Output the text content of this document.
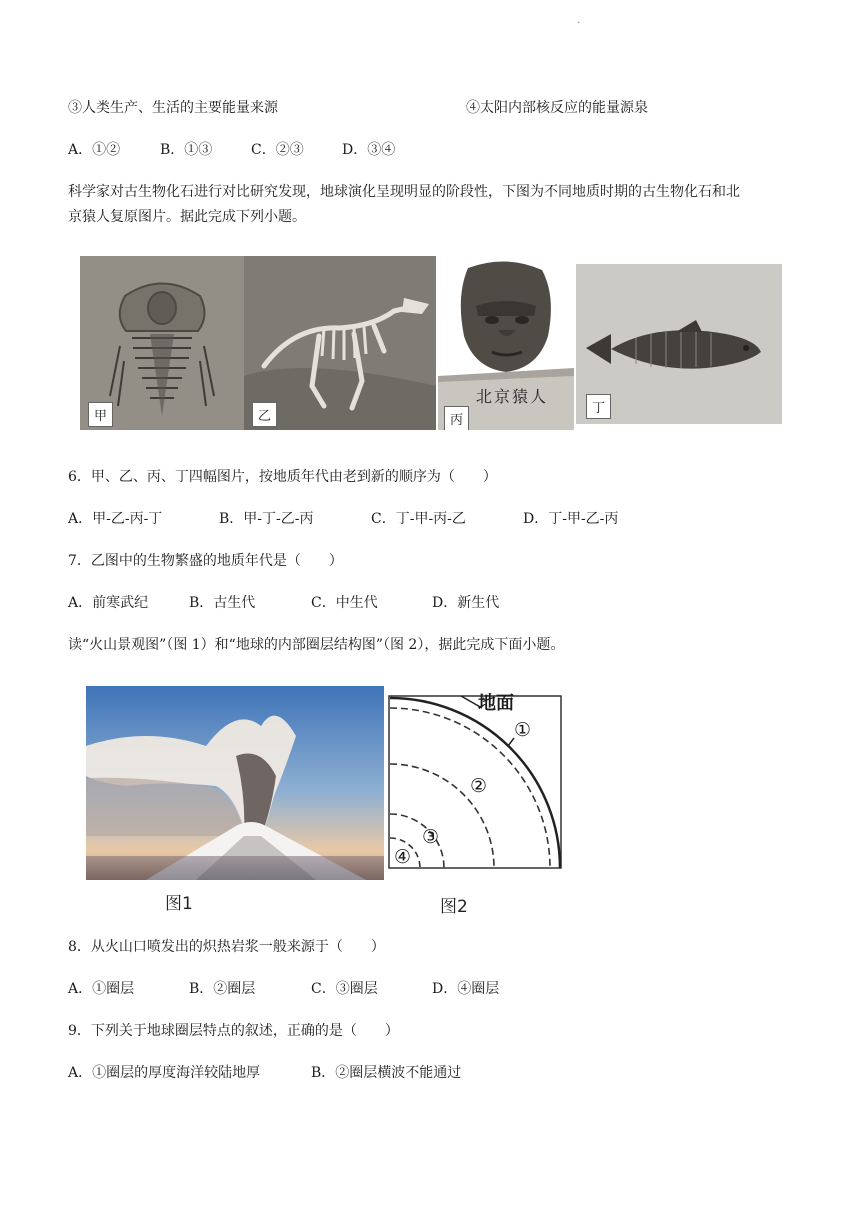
·
③人类生产、生活的主要能量来源	④太阳内部核反应的能量源泉
A．①②	B．①③	C．②③	D．③④
科学家对古生物化石进行对比研究发现，地球演化呈现明显的阶段性，下图为不同地质时期的古生物化石和北
京猿人复原图片。据此完成下列小题。
甲	乙
北京猿人
丙
丁
6．甲、乙、丙、丁四幅图片，按地质年代由老到新的顺序为（　　）
A．甲-乙-丙-丁	B．甲-丁-乙-丙	C．丁-甲-丙-乙	D．丁-甲-乙-丙
7．乙图中的生物繁盛的地质年代是（　　）
A．前寒武纪	B．古生代	C．中生代	D．新生代
读“火山景观图”（图 1）和“地球的内部圈层结构图”（图 2），据此完成下面小题。
图1
地面
①
②
③
④
图2
8．从火山口喷发出的炽热岩浆一般来源于（　　）
A．①圈层	B．②圈层	C．③圈层	D．④圈层
9．下列关于地球圈层特点的叙述，正确的是（　　）
A．①圈层的厚度海洋较陆地厚	B．②圈层横波不能通过
